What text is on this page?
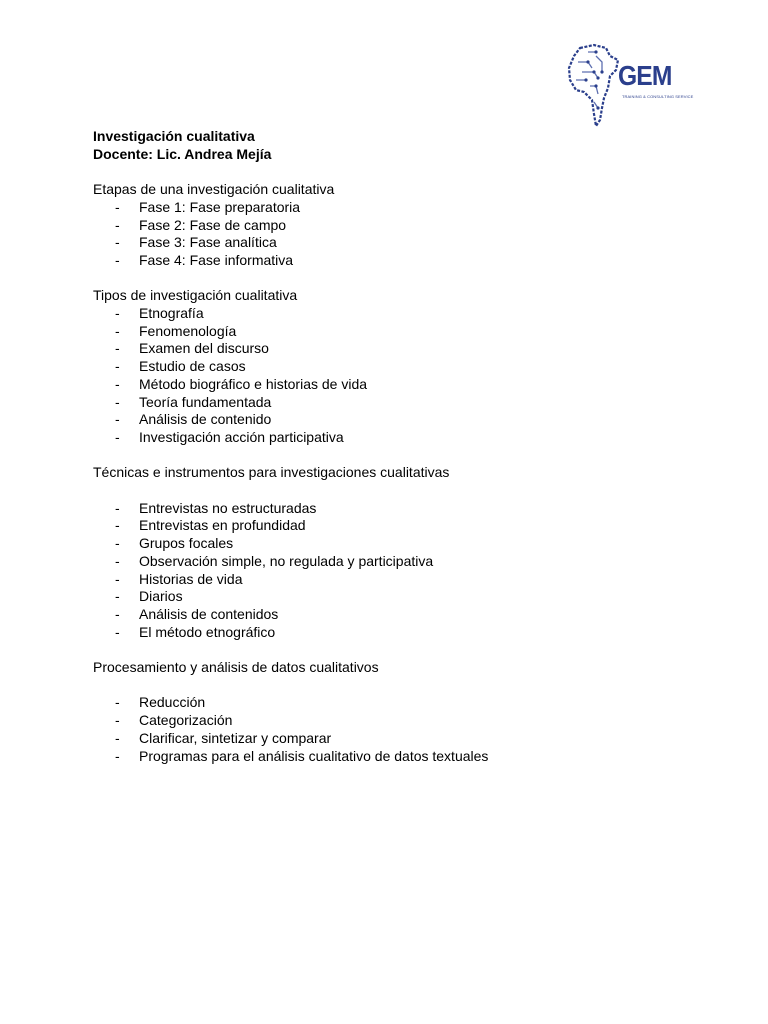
GEM
TRAINING & CONSULTING SERVICE
Investigación cualitativa
Docente: Lic. Andrea Mejía
Etapas de una investigación cualitativa
- Fase 1: Fase preparatoria
- Fase 2: Fase de campo
- Fase 3: Fase analítica
- Fase 4: Fase informativa
Tipos de investigación cualitativa
- Etnografía
- Fenomenología
- Examen del discurso
- Estudio de casos
- Método biográfico e historias de vida
- Teoría fundamentada
- Análisis de contenido
- Investigación acción participativa
Técnicas e instrumentos para investigaciones cualitativas
- Entrevistas no estructuradas
- Entrevistas en profundidad
- Grupos focales
- Observación simple, no regulada y participativa
- Historias de vida
- Diarios
- Análisis de contenidos
- El método etnográfico
Procesamiento y análisis de datos cualitativos
- Reducción
- Categorización
- Clarificar, sintetizar y comparar
- Programas para el análisis cualitativo de datos textuales
